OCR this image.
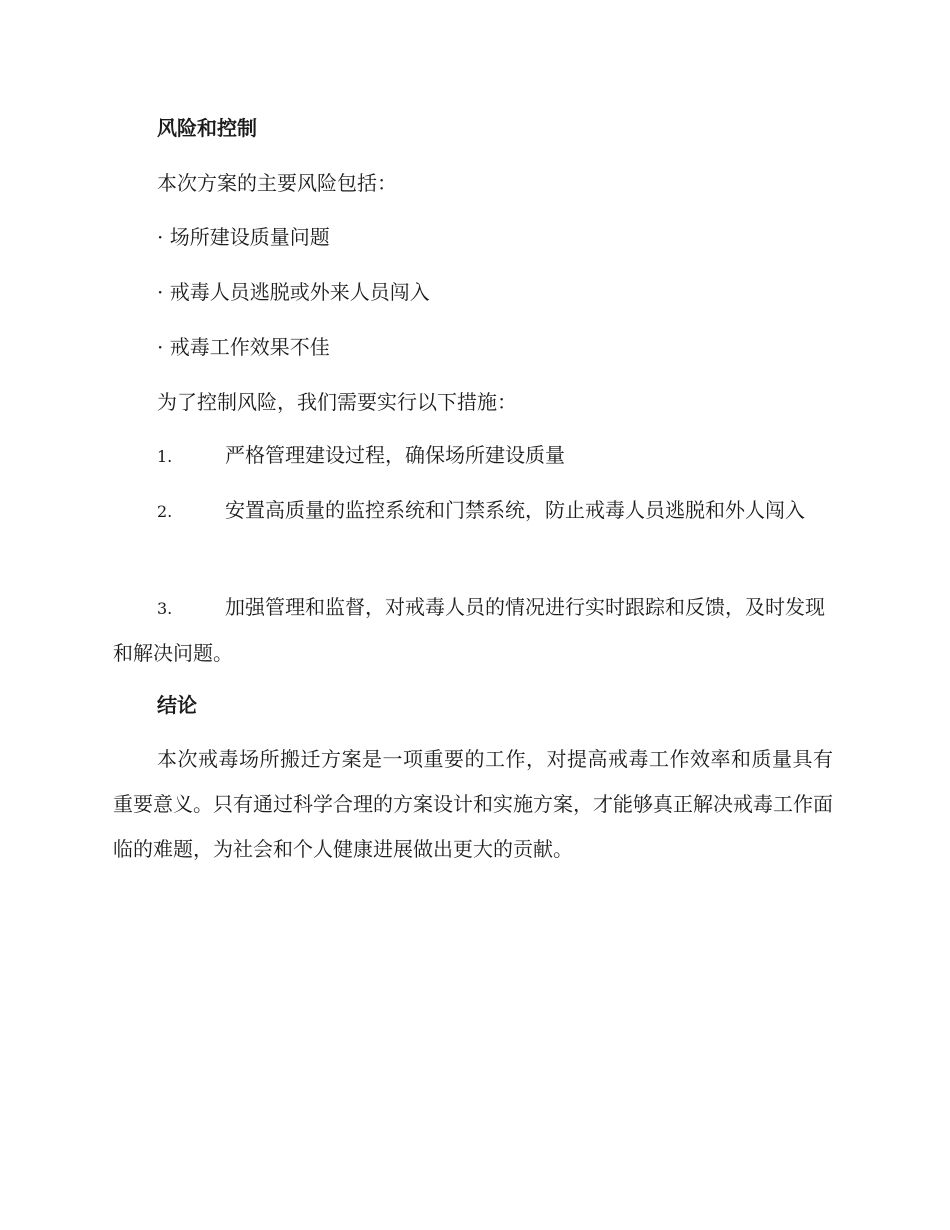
风险和控制

本次方案的主要风险包括：

· 场所建设质量问题

· 戒毒人员逃脱或外来人员闯入

· 戒毒工作效果不佳

为了控制风险，我们需要实行以下措施：

1.	严格管理建设过程，确保场所建设质量
2.	安置高质量的监控系统和门禁系统，防止戒毒人员逃脱和外人闯入
3.	加强管理和监督，对戒毒人员的情况进行实时跟踪和反馈，及时发现和解决问题。
结论

本次戒毒场所搬迁方案是一项重要的工作，对提高戒毒工作效率和质量具有重要意义。只有通过科学合理的方案设计和实施方案，才能够真正解决戒毒工作面临的难题，为社会和个人健康进展做出更大的贡献。
